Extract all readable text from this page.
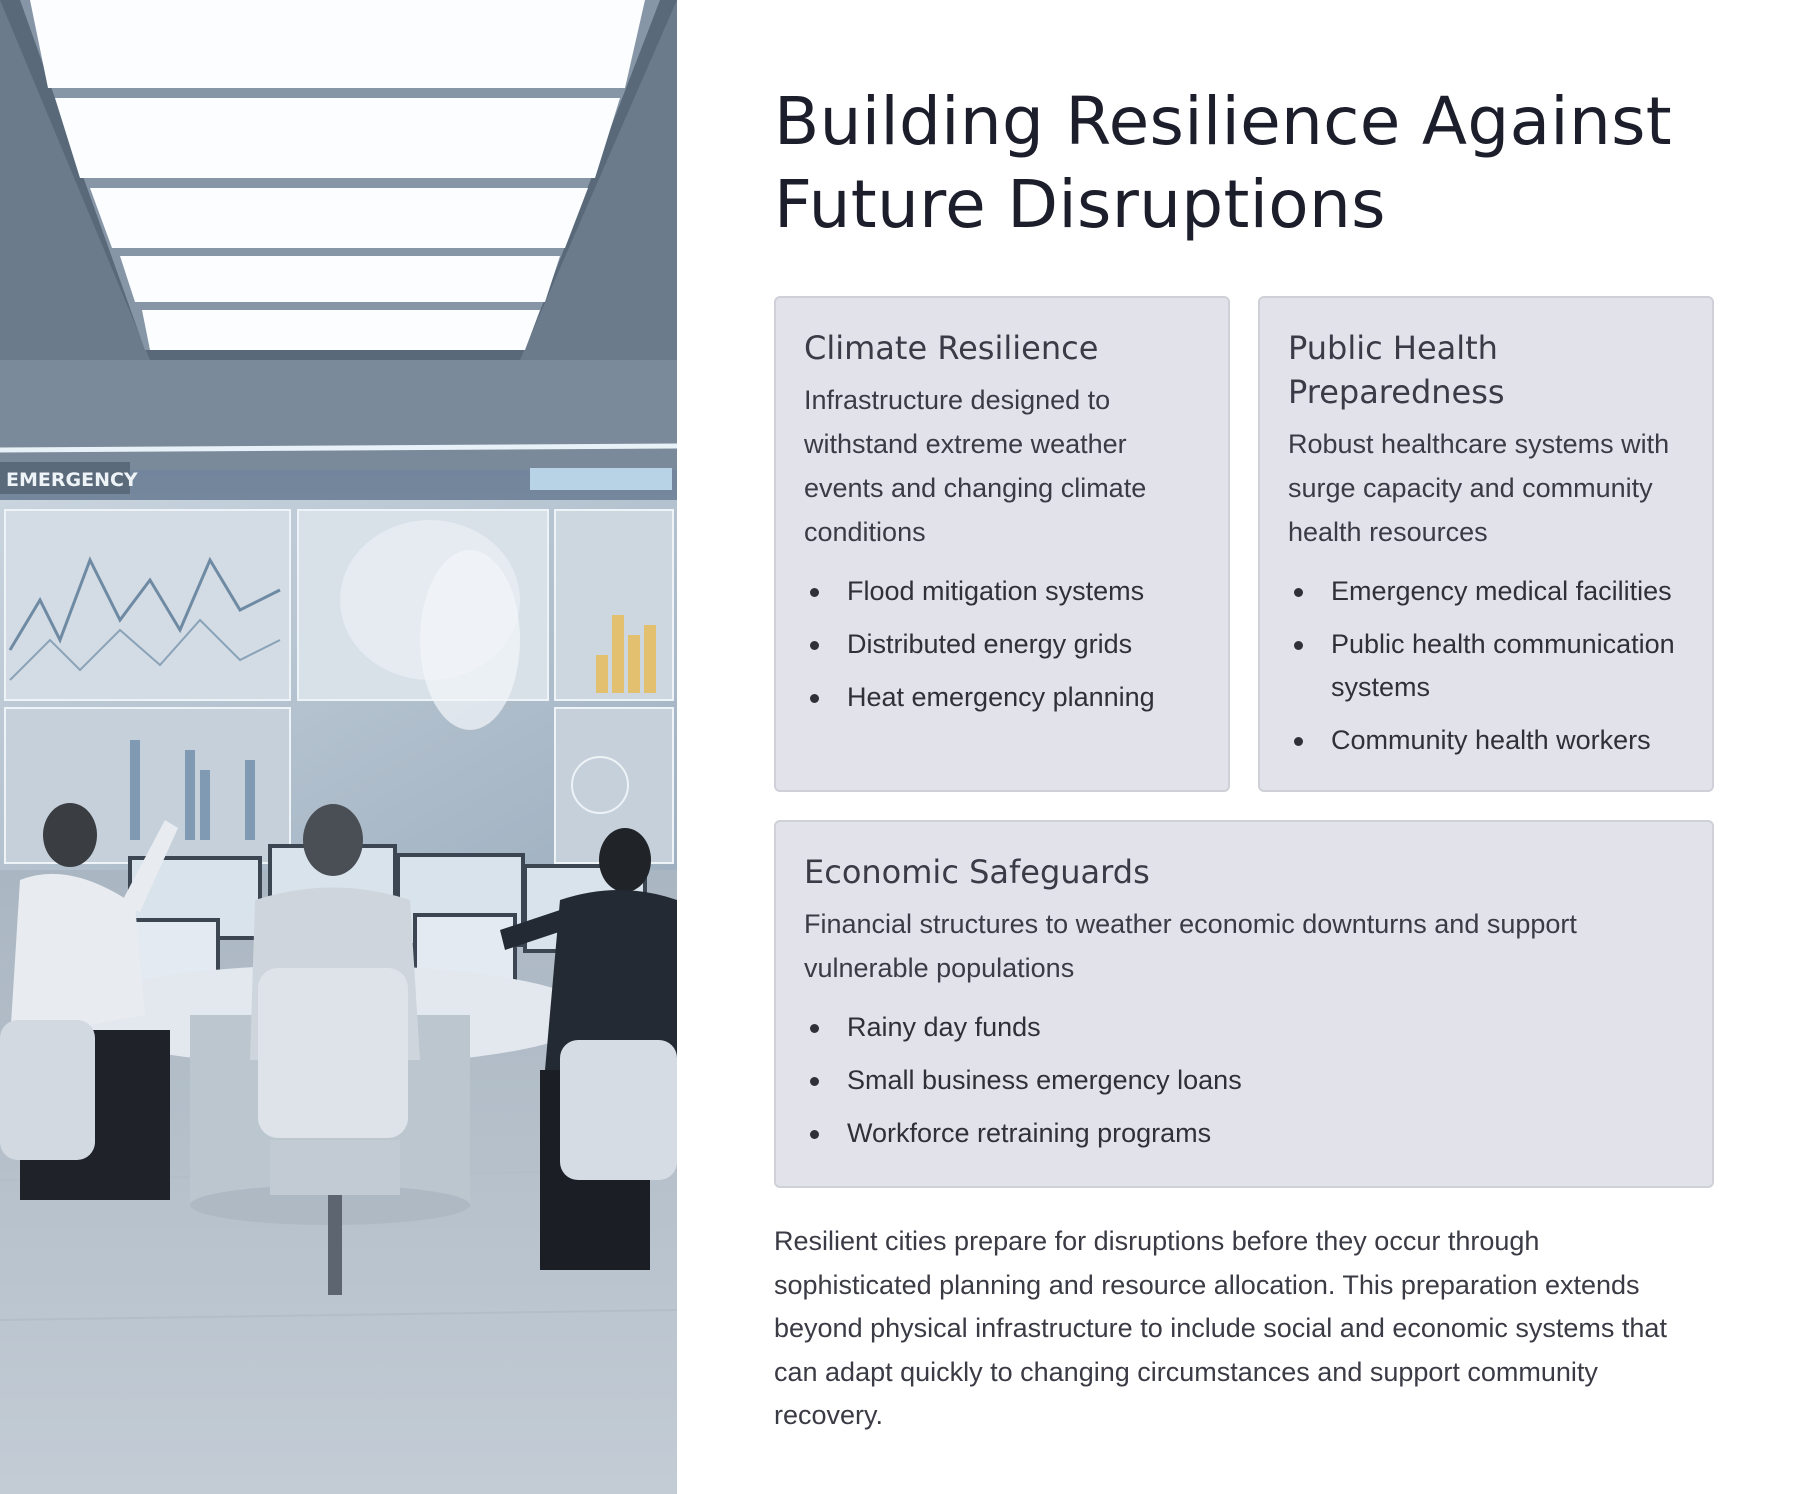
EMERGENCY
Building Resilience Against Future Disruptions
Climate Resilience

Infrastructure designed to withstand extreme weather events and changing climate conditions

Flood mitigation systems
Distributed energy grids
Heat emergency planning
Public Health Preparedness

Robust healthcare systems with surge capacity and community health resources

Emergency medical facilities
Public health communication systems
Community health workers
Economic Safeguards

Financial structures to weather economic downturns and support vulnerable populations

Rainy day funds
Small business emergency loans
Workforce retraining programs

Resilient cities prepare for disruptions before they occur through sophisticated planning and resource allocation. This preparation extends beyond physical infrastructure to include social and economic systems that can adapt quickly to changing circumstances and support community recovery.
